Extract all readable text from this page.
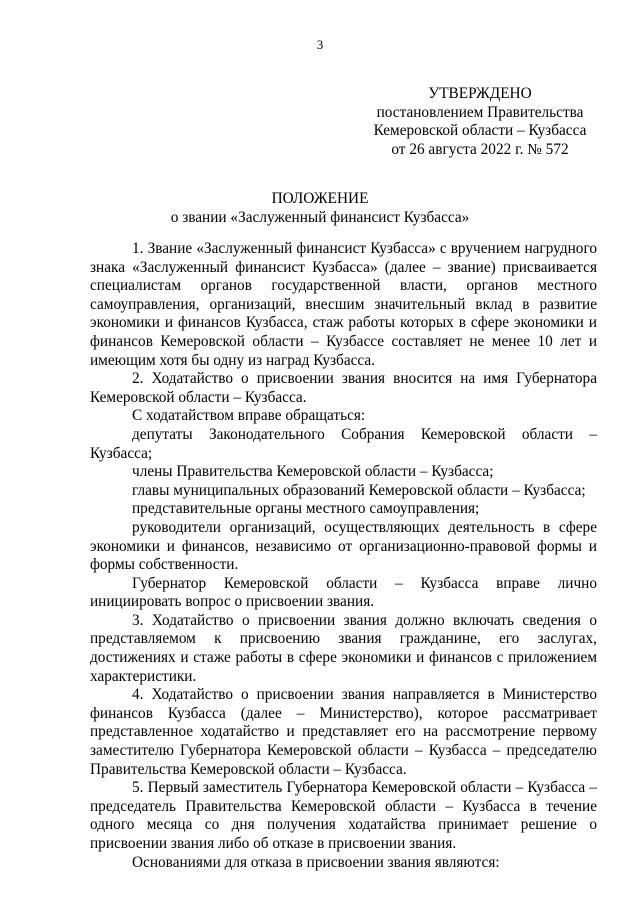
3
УТВЕРЖДЕНО
постановлением Правительства
Кемеровской области – Кузбасса
от 26 августа 2022 г. № 572
ПОЛОЖЕНИЕ
о звании «Заслуженный финансист Кузбасса»

1. Звание «Заслуженный финансист Кузбасса» с вручением нагрудного знака «Заслуженный финансист Кузбасса» (далее – звание) присваивается специалистам органов государственной власти, органов местного самоуправления, организаций, внесшим значительный вклад в развитие экономики и финансов Кузбасса, стаж работы которых в сфере экономики и финансов Кемеровской области – Кузбассе составляет не менее 10 лет и имеющим хотя бы одну из наград Кузбасса.

2. Ходатайство о присвоении звания вносится на имя Губернатора Кемеровской области – Кузбасса.

С ходатайством вправе обращаться:

депутаты Законодательного Собрания Кемеровской области – Кузбасса;

члены Правительства Кемеровской области – Кузбасса;

главы муниципальных образований Кемеровской области – Кузбасса;

представительные органы местного самоуправления;

руководители организаций, осуществляющих деятельность в сфере экономики и финансов, независимо от организационно-правовой формы и формы собственности.

Губернатор Кемеровской области – Кузбасса вправе лично инициировать вопрос о присвоении звания.

3. Ходатайство о присвоении звания должно включать сведения о представляемом к присвоению звания гражданине, его заслугах, достижениях и стаже работы в сфере экономики и финансов с приложением характеристики.

4. Ходатайство о присвоении звания направляется в Министерство финансов Кузбасса (далее – Министерство), которое рассматривает представленное ходатайство и представляет его на рассмотрение первому заместителю Губернатора Кемеровской области – Кузбасса – председателю Правительства Кемеровской области – Кузбасса.

5. Первый заместитель Губернатора Кемеровской области – Кузбасса – председатель Правительства Кемеровской области – Кузбасса в течение одного месяца со дня получения ходатайства принимает решение о присвоении звания либо об отказе в присвоении звания.

Основаниями для отказа в присвоении звания являются:
